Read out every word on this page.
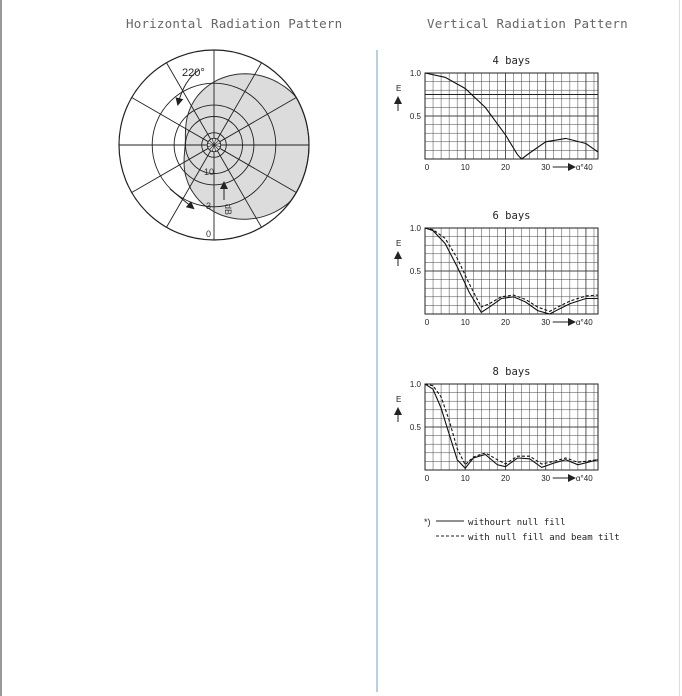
Horizontal Radiation Pattern	Vertical Radiation Pattern
220°
10
3
0
dB
4 bays
1.0
0.5
E
0	10	20	30	α°40
6 bays
1.0
0.5
E
0	10	20	30	α°40
8 bays
1.0
0.5
E
0	10	20	30	α°40
*)	withourt null fill
with null fill and beam tilt
